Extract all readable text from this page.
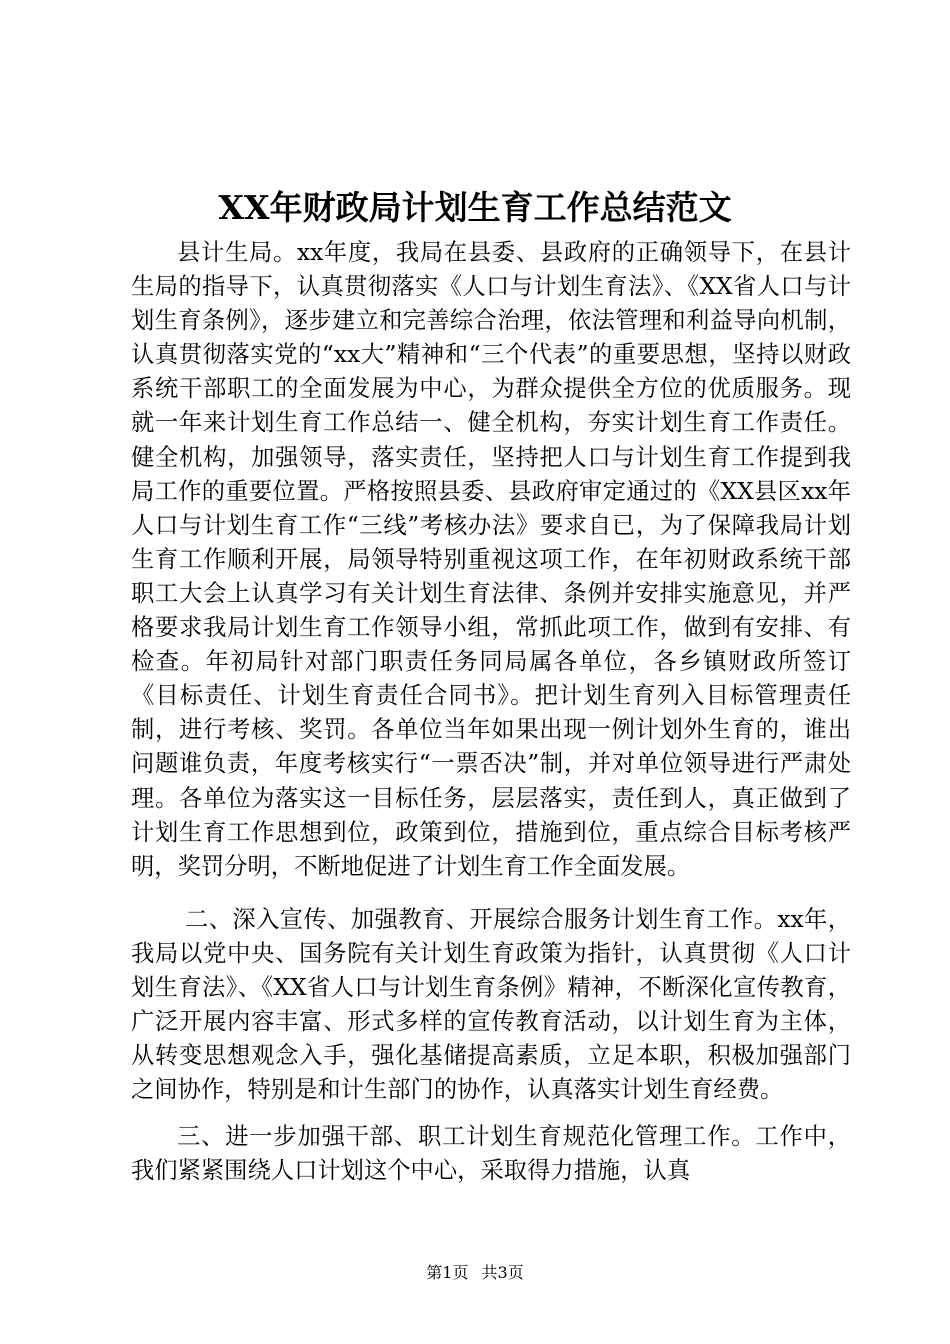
XX年财政局计划生育工作总结范文
县计生局。xx年度，我局在县委、县政府的正确领导下，在县计生局的指导下，认真贯彻落实《人口与计划生育法》、《XX省人口与计划生育条例》，逐步建立和完善综合治理，依法管理和利益导向机制，认真贯彻落实党的“xx大”精神和“三个代表”的重要思想，坚持以财政系统干部职工的全面发展为中心，为群众提供全方位的优质服务。现就一年来计划生育工作总结一、健全机构，夯实计划生育工作责任。健全机构，加强领导，落实责任，坚持把人口与计划生育工作提到我局工作的重要位置。严格按照县委、县政府审定通过的《XX县区xx年人口与计划生育工作“三线”考核办法》要求自已，为了保障我局计划生育工作顺利开展，局领导特别重视这项工作，在年初财政系统干部职工大会上认真学习有关计划生育法律、条例并安排实施意见，并严格要求我局计划生育工作领导小组，常抓此项工作，做到有安排、有检查。年初局针对部门职责任务同局属各单位，各乡镇财政所签订《目标责任、计划生育责任合同书》。把计划生育列入目标管理责任制，进行考核、奖罚。各单位当年如果出现一例计划外生育的，谁出问题谁负责，年度考核实行“一票否决”制，并对单位领导进行严肃处理。各单位为落实这一目标任务，层层落实，责任到人，真正做到了计划生育工作思想到位，政策到位，措施到位，重点综合目标考核严明，奖罚分明，不断地促进了计划生育工作全面发展。
二、深入宣传、加强教育、开展综合服务计划生育工作。xx年，我局以党中央、国务院有关计划生育政策为指针，认真贯彻《人口计划生育法》、《XX省人口与计划生育条例》精神，不断深化宣传教育，广泛开展内容丰富、形式多样的宣传教育活动，以计划生育为主体，从转变思想观念入手，强化基储提高素质，立足本职，积极加强部门之间协作，特别是和计生部门的协作，认真落实计划生育经费。
三、进一步加强干部、职工计划生育规范化管理工作。工作中，我们紧紧围绕人口计划这个中心，采取得力措施，认真
第1页 共3页
